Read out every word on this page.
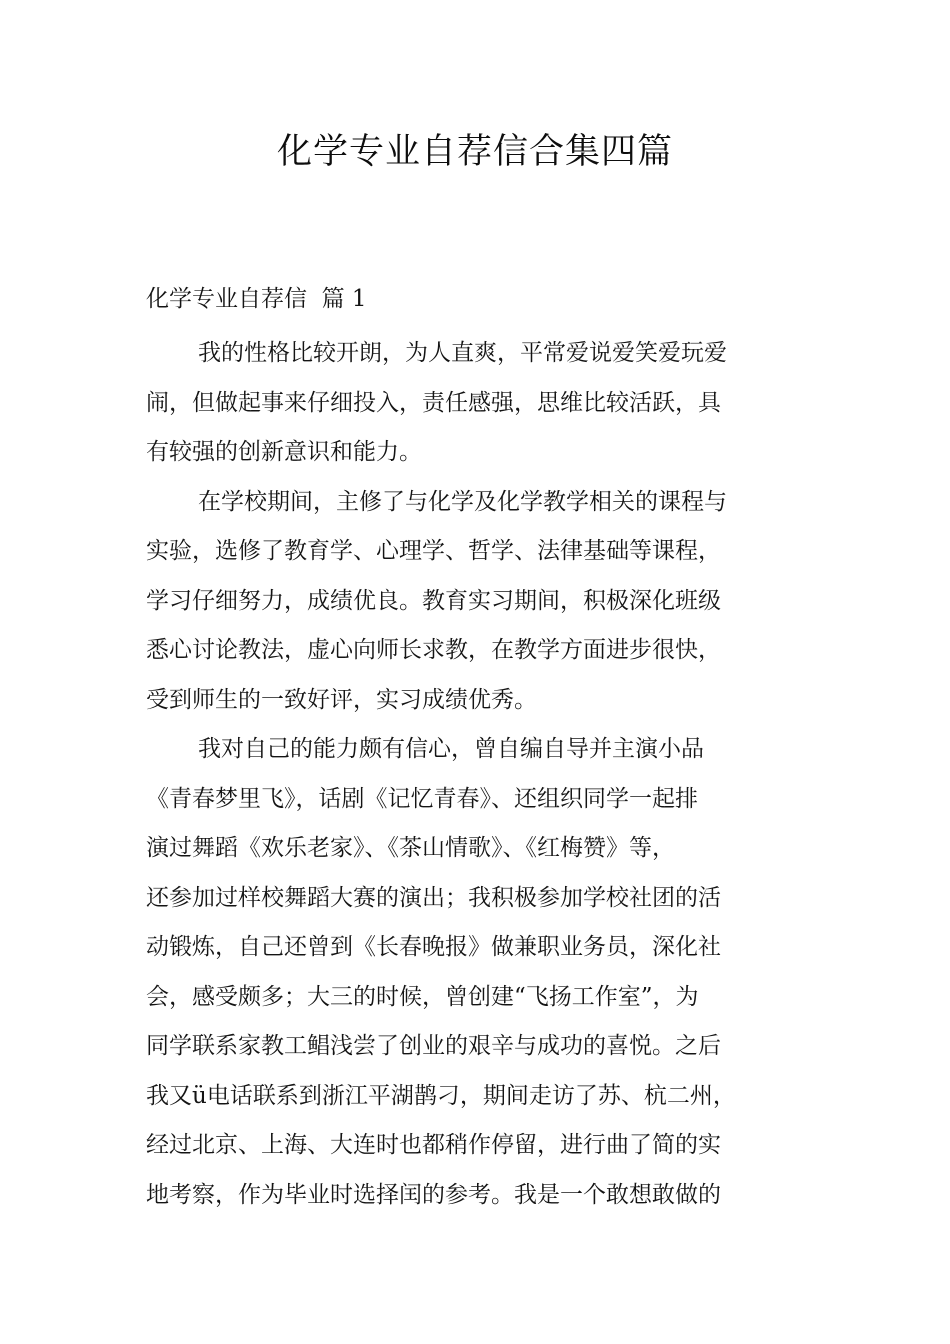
化学专业自荐信合集四篇
化学专业自荐信  篇 1

我的性格比较开朗，为人直爽，平常爱说爱笑爱玩爱
闹，但做起事来仔细投入，责任感强，思维比较活跃，具
有较强的创新意识和能力。

在学校期间，主修了与化学及化学教学相关的课程与
实验，选修了教育学、心理学、哲学、法律基础等课程，
学习仔细努力，成绩优良。教育实习期间，积极深化班级
悉心讨论教法，虚心向师长求教，在教学方面进步很快，
受到师生的一致好评，实习成绩优秀。

我对自己的能力颇有信心，曾自编自导并主演小品
《青春梦里飞》，话剧《记忆青春》、还组织同学一起排
演过舞蹈《欢乐老家》、《茶山情歌》、《红梅赞》等，
还参加过样校舞蹈大赛的演出；我积极参加学校社团的活
动锻炼，自己还曾到《长春晚报》做兼职业务员，深化社
会，感受颇多；大三的时候，曾创建“飞扬工作室”，为
同学联系家教工鲳浅尝了创业的艰辛与成功的喜悦。之后
我又ü电话联系到浙江平湖鹊刁，期间走访了苏、杭二州，
经过北京、上海、大连时也都稍作停留，进行曲了简的实
地考察，作为毕业时选择闰的参考。我是一个敢想敢做的
